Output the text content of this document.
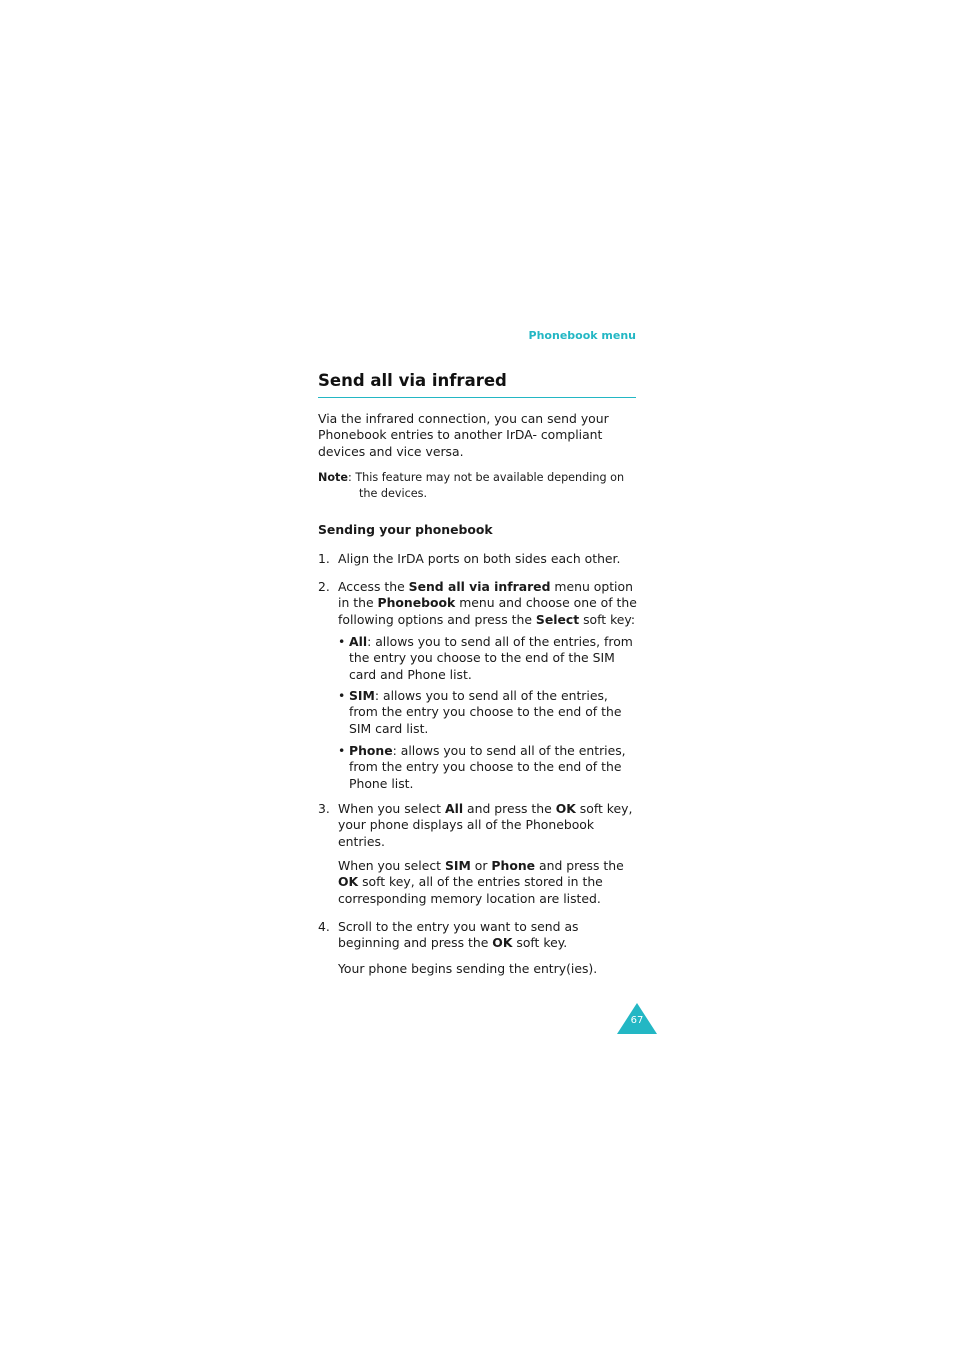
Phonebook menu
Send all via infrared

Via the infrared connection, you can send your Phonebook entries to another IrDA- compliant devices and vice versa.

Note: This feature may not be available depending on
the devices.
Sending your phonebook
1. Align the IrDA ports on both sides each other.
2. Access the Send all via infrared menu option in the Phonebook menu and choose one of the following options and press the Select soft key:
• All: allows you to send all of the entries, from the entry you choose to the end of the SIM card and Phone list.
• SIM: allows you to send all of the entries, from the entry you choose to the end of the SIM card list.
• Phone: allows you to send all of the entries, from the entry you choose to the end of the Phone list.
3. When you select All and press the OK soft key, your phone displays all of the Phonebook entries.
When you select SIM or Phone and press the OK soft key, all of the entries stored in the corresponding memory location are listed.
4. Scroll to the entry you want to send as beginning and press the OK soft key.
Your phone begins sending the entry(ies).
67
